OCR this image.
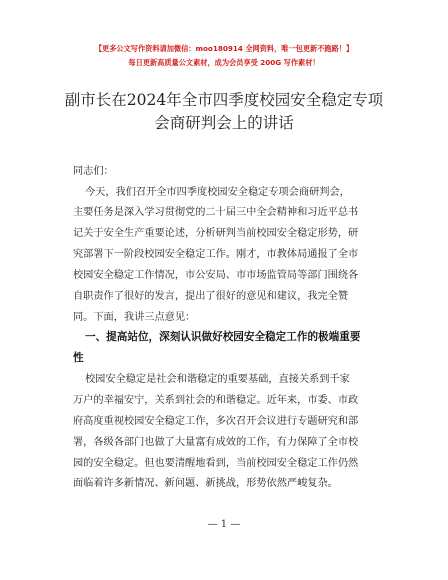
【更多公文写作资料请加微信：moo180914 全网资料，唯一包更新不跑路！】
每日更新高质量公文素材，成为会员享受 200G 写作素材！
副市长在2024年全市四季度校园安全稳定专项
会商研判会上的讲话
同志们：
今天，我们召开全市四季度校园安全稳定专项会商研判会，
主要任务是深入学习贯彻党的二十届三中全会精神和习近平总书
记关于安全生产重要论述，分析研判当前校园安全稳定形势，研
究部署下一阶段校园安全稳定工作。刚才，市教体局通报了全市
校园安全稳定工作情况，市公安局、市市场监管局等部门围绕各
自职责作了很好的发言，提出了很好的意见和建议，我完全赞
同。下面，我讲三点意见：
一、提高站位，深刻认识做好校园安全稳定工作的极端重要
性
校园安全稳定是社会和谐稳定的重要基础，直接关系到千家
万户的幸福安宁，关系到社会的和谐稳定。近年来，市委、市政
府高度重视校园安全稳定工作，多次召开会议进行专题研究和部
署，各级各部门也做了大量富有成效的工作，有力保障了全市校
园的安全稳定。但也要清醒地看到，当前校园安全稳定工作仍然
面临着许多新情况、新问题、新挑战，形势依然严峻复杂。
— 1 —
